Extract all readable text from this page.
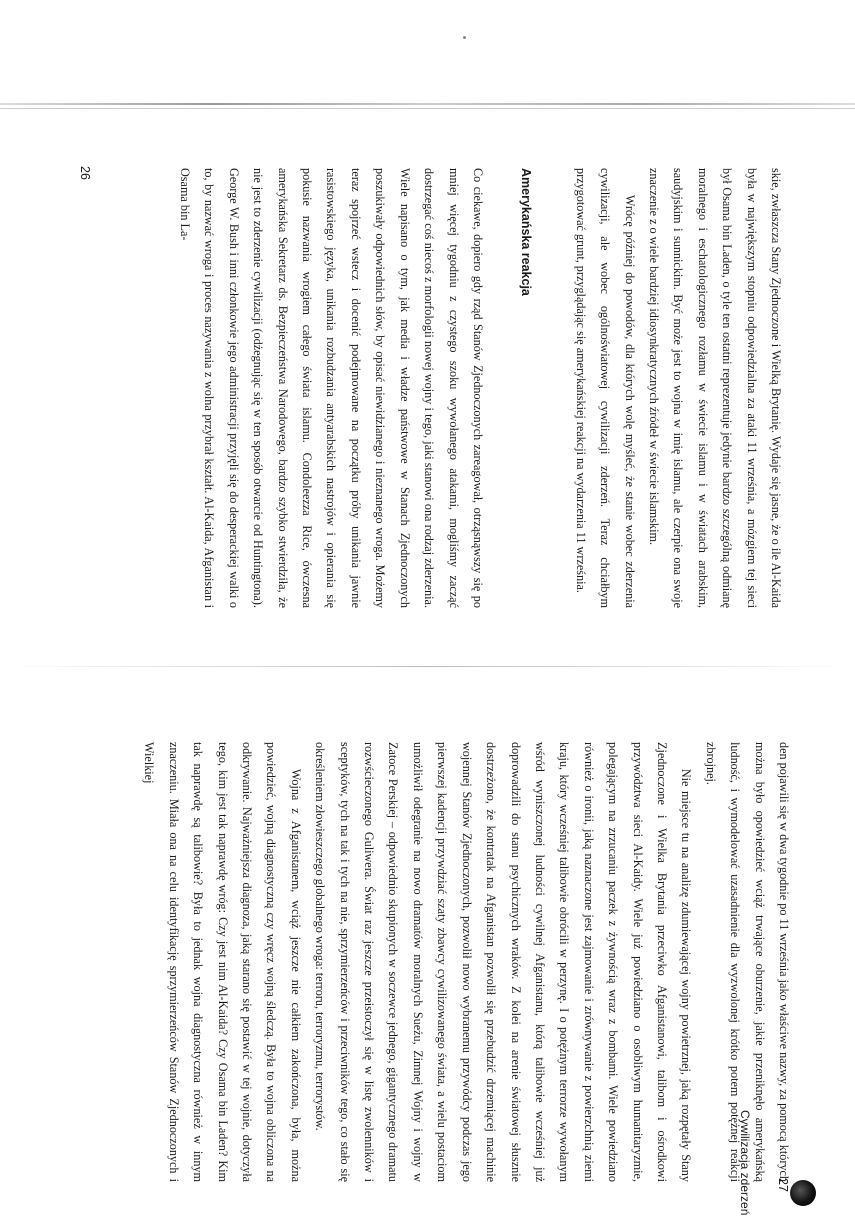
skie, zwłaszcza Stany Zjednoczone i Wielką Brytanię. Wydaje się jasne, że o ile Al-Kaida była w największym stopniu odpowiedzialna za ataki 11 września, a mózgiem tej sieci był Osama bin Laden, o tyle ten ostatni reprezentuje jedynie bardzo szczególną odmianę moralnego i eschatologicznego rozłamu w świecie islamu i w światach arabskim, saudyjskim i sunnickim. Być może jest to wojna w imię islamu, ale czerpie ona swoje znaczenie z o wiele bardziej idiosynkratycznych źródeł w świecie islamskim.

Wrócę później do powodów, dla których wolę myśleć, że stanie wobec zderzenia cywilizacji, ale wobec ogólnoświatowej cywilizacji zderzeń. Teraz chciałbym przygotować grunt, przyglądając się amerykańskiej reakcji na wydarzenia 11 września.

Amerykańska reakcja

Co ciekawe, dopiero gdy rząd Stanów Zjednoczonych zareagował, otrząsnąwszy się po mniej więcej tygodniu z czystego szoku wywołanego atakami, mogliśmy zacząć dostrzegać coś niecoś z morfologii nowej wojny i tego, jaki stanowi ona rodzaj zderzenia. Wiele napisano o tym, jak media i władze państwowe w Stanach Zjednoczonych poszukiwały odpowiednich słów, by opisać niewidzianego i nieznanego wroga. Możemy teraz spojrzeć wstecz i docenić podejmowane na początku próby unikania jawnie rasistowskiego języka, unikania rozbudzania antyarabskich nastrojów i opierania się pokusie nazwania wrogiem całego świata islamu. Condoleezza Rice, ówczesna amerykańska Sekretarz ds. Bezpieczeństwa Narodowego, bardzo szybko stwierdziła, że nie jest to zderzenie cywilizacji (odżegnując się w ten sposób otwarcie od Huntingtona). George W. Bush i inni członkowie jego administracji przyjęli się do desperackiej walki o to, by nazwać wroga i proces nazywania z wolna przybrał kształt. Al-Kaida, Afganistan i Osama bin La-

26

den pojawili się w dwa tygodnie po 11 września jako właściwe nazwy, za pomocą których można było opowiedzieć wciąż trwające oburzenie, jakie przeniknęło amerykańską ludność, i wymodelować uzasadnienie dla wyzwolonej krótko potem potężnej reakcji zbrojnej.

Nie miejsce tu na analizę zdumiewającej wojny powietrznej, jaką rozpętały Stany Zjednoczone i Wielka Brytania przeciwko Afganistanowi, talibom i ośrodkowi przywództwa sieci Al-Kaidy. Wiele już powiedziano o osobliwym humanitaryzmie, polegającym na zrzucaniu paczek z żywnością wraz z bombami. Wiele powiedziano również o ironii, jaką naznaczone jest zajmowanie i zrównywanie z powierzchnią ziemi kraju, który wcześniej talibowie obrócili w perzynę. I o potężnym terrorze wywołanym wśród wyniszczonej ludności cywilnej Afganistanu, którą talibowie wcześniej już doprowadzili do stanu psychicznych wraków. Z kolei na arenie światowej słusznie dostrzeżono, że kontratak na Afganistan pozwolił się przebudzić drzemiącej machinie wojennej Stanów Zjednoczonych, pozwolił nowo wybranemu przywódcy podczas jego pierwszej kadencji przywdziać szaty zbawcy cywilizowanego świata, a wielu postaciom umożliwił odegranie na nowo dramatów moralnych Sueżu, Zimnej Wojny i wojny w Zatoce Perskiej – odpowiednio skupionych w soczewce jednego, gigantycznego dramatu rozwścieczonego Guliwera. Świat raz jeszcze przeistoczył się w listę zwolenników i sceptyków, tych na tak i tych na nie, sprzymierzeńców i przeciwników tego, co stało się określeniem złowieszczego globalnego wroga: terroru, terroryzmu, terrorystów.

Wojna z Afganistanem, wciąż jeszcze nie całkiem zakończona, była, można powiedzieć, wojną diagnostyczną czy wręcz wojną śledczą. Była to wojna obliczona na odkrywanie. Najważniejsza diagnoza, jaką starano się postawić w tej wojnie, dotyczyła tego, kim jest tak naprawdę wróg: Czy jest nim Al-Kaida? Czy Osama bin Laden? Kim tak naprawdę są talibowie? Była to jednak wojna diagnostyczna również w innym znaczeniu. Miała ona na celu identyfikację sprzymierzeńców Stanów Zjednoczonych i Wielkiej

27
Cywilizacja zderzeń
